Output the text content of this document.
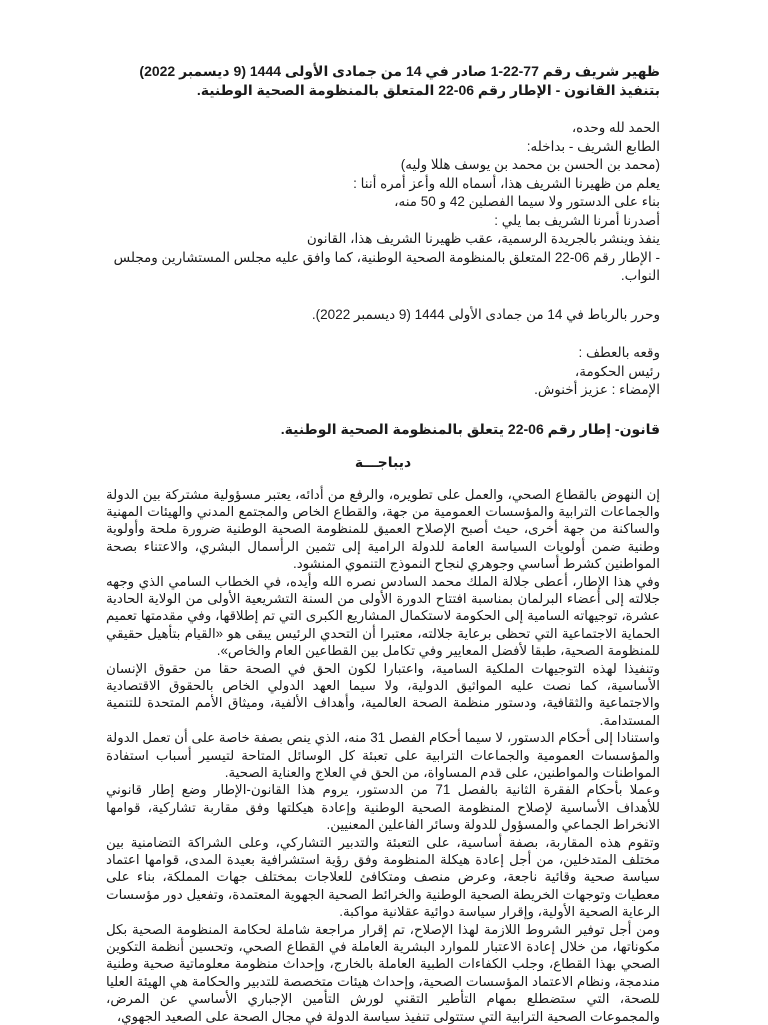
ظهير شريف رقم 77-22-1 صادر في 14 من جمادى الأولى 1444 (9 ديسمبر 2022) بتنفيذ القانون - الإطار رقم 06-22 المتعلق بالمنظومة الصحية الوطنية.

الحمد لله وحده،

الطابع الشريف - بداخله:

(محمد بن الحسن بن محمد بن يوسف هللا وليه)

يعلم من ظهيرنا الشريف هذا، أسماه الله وأعز أمره أننا :

بناء على الدستور ولا سيما الفصلين 42 و 50 منه،

أصدرنا أمرنا الشريف بما يلي :

ينفذ وينشر بالجريدة الرسمية، عقب ظهيرنا الشريف هذا، القانون

- الإطار رقم 06-22 المتعلق بالمنظومة الصحية الوطنية، كما وافق عليه مجلس المستشارين ومجلس النواب.

وحرر بالرباط في 14 من جمادى الأولى 1444 (9 ديسمبر 2022).

وقعه بالعطف :

رئيس الحكومة،

الإمضاء : عزيز أخنوش.

قانون- إطار رقم 06-22 يتعلق بالمنظومة الصحية الوطنية.

ديباجـــة

إن النهوض بالقطاع الصحي، والعمل على تطويره، والرفع من أدائه، يعتبر مسؤولية مشتركة بين الدولة والجماعات الترابية والمؤسسات العمومية من جهة، والقطاع الخاص والمجتمع المدني والهيئات المهنية والساكنة من جهة أخرى، حيث أصبح الإصلاح العميق للمنظومة الصحية الوطنية ضرورة ملحة وأولوية وطنية ضمن أولويات السياسة العامة للدولة الرامية إلى تثمين الرأسمال البشري، والاعتناء بصحة المواطنين كشرط أساسي وجوهري لنجاح النموذج التنموي المنشود.

وفي هذا الإطار، أعطى جلالة الملك محمد السادس نصره الله وأيده، في الخطاب السامي الذي وجهه جلالته إلى أعضاء البرلمان بمناسبة افتتاح الدورة الأولى من السنة التشريعية الأولى من الولاية الحادية عشرة، توجيهاته السامية إلى الحكومة لاستكمال المشاريع الكبرى التي تم إطلاقها، وفي مقدمتها تعميم الحماية الاجتماعية التي تحظى برعاية جلالته، معتبرا أن التحدي الرئيس يبقى هو «القيام بتأهيل حقيقي للمنظومة الصحية، طبقا لأفضل المعايير وفي تكامل بين القطاعين العام والخاص».

وتنفيذا لهذه التوجيهات الملكية السامية، واعتبارا لكون الحق في الصحة حقا من حقوق الإنسان الأساسية، كما نصت عليه المواثيق الدولية، ولا سيما العهد الدولي الخاص بالحقوق الاقتصادية والاجتماعية والثقافية، ودستور منظمة الصحة العالمية، وأهداف الألفية، وميثاق الأمم المتحدة للتنمية المستدامة.

واستنادا إلى أحكام الدستور، لا سيما أحكام الفصل 31 منه، الذي ينص بصفة خاصة على أن تعمل الدولة والمؤسسات العمومية والجماعات الترابية على تعبئة كل الوسائل المتاحة لتيسير أسباب استفادة المواطنات والمواطنين، على قدم المساواة، من الحق في العلاج والعناية الصحية.

وعملا بأحكام الفقرة الثانية بالفصل 71 من الدستور، يروم هذا القانون-الإطار وضع إطار قانوني للأهداف الأساسية لإصلاح المنظومة الصحية الوطنية وإعادة هيكلتها وفق مقاربة تشاركية، قوامها الانخراط الجماعي والمسؤول للدولة وسائر الفاعلين المعنيين.

وتقوم هذه المقاربة، بصفة أساسية، على التعبئة والتدبير التشاركي، وعلى الشراكة التضامنية بين مختلف المتدخلين، من أجل إعادة هيكلة المنظومة وفق رؤية استشرافية بعيدة المدى، قوامها اعتماد سياسة صحية وقائية ناجعة، وعرض منصف ومتكافئ للعلاجات بمختلف جهات المملكة، بناء على معطيات وتوجهات الخريطة الصحية الوطنية والخرائط الصحية الجهوية المعتمدة، وتفعيل دور مؤسسات الرعاية الصحية الأولية، وإقرار سياسة دوائية عقلانية مواكبة.

ومن أجل توفير الشروط اللازمة لهذا الإصلاح، تم إقرار مراجعة شاملة لحكامة المنظومة الصحية بكل مكوناتها، من خلال إعادة الاعتبار للموارد البشرية العاملة في القطاع الصحي، وتحسين أنظمة التكوين الصحي بهذا القطاع، وجلب الكفاءات الطبية العاملة بالخارج، وإحداث منظومة معلوماتية صحية وطنية مندمجة، ونظام الاعتماد المؤسسات الصحية، وإحداث هيئات متخصصة للتدبير والحكامة هي الهيئة العليا للصحة، التي ستضطلع بمهام التأطير التقني لورش التأمين الإجباري الأساسي عن المرض، والمجموعات الصحية الترابية التي ستتولى تنفيذ سياسة الدولة في مجال الصحة على الصعيد الجهوي،
